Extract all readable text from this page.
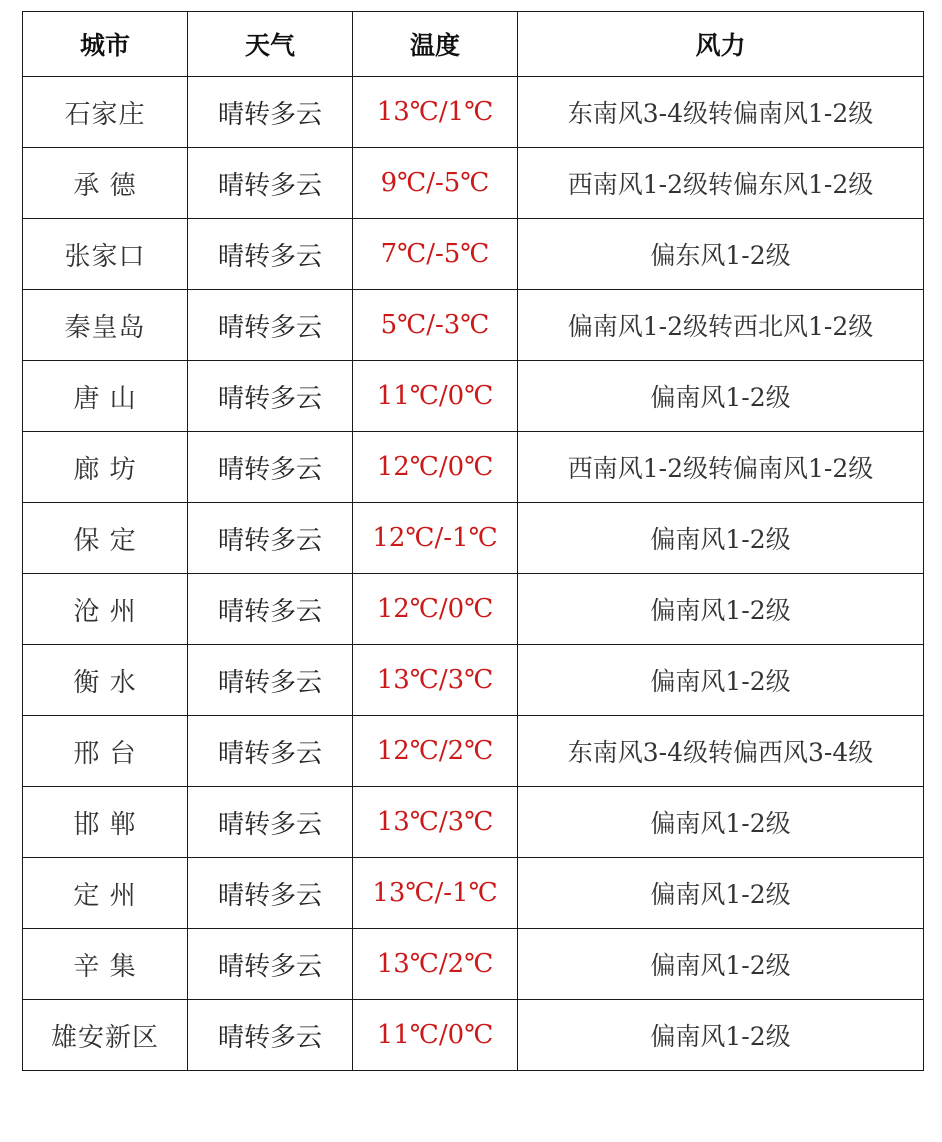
城市	天气	温度	风力
石家庄	晴转多云	13℃/1℃	东南风3-4级转偏南风1-2级
承 德	晴转多云	9℃/-5℃	西南风1-2级转偏东风1-2级
张家口	晴转多云	7℃/-5℃	偏东风1-2级
秦皇岛	晴转多云	5℃/-3℃	偏南风1-2级转西北风1-2级
唐 山	晴转多云	11℃/0℃	偏南风1-2级
廊 坊	晴转多云	12℃/0℃	西南风1-2级转偏南风1-2级
保 定	晴转多云	12℃/-1℃	偏南风1-2级
沧 州	晴转多云	12℃/0℃	偏南风1-2级
衡 水	晴转多云	13℃/3℃	偏南风1-2级
邢 台	晴转多云	12℃/2℃	东南风3-4级转偏西风3-4级
邯 郸	晴转多云	13℃/3℃	偏南风1-2级
定 州	晴转多云	13℃/-1℃	偏南风1-2级
辛 集	晴转多云	13℃/2℃	偏南风1-2级
雄安新区	晴转多云	11℃/0℃	偏南风1-2级
